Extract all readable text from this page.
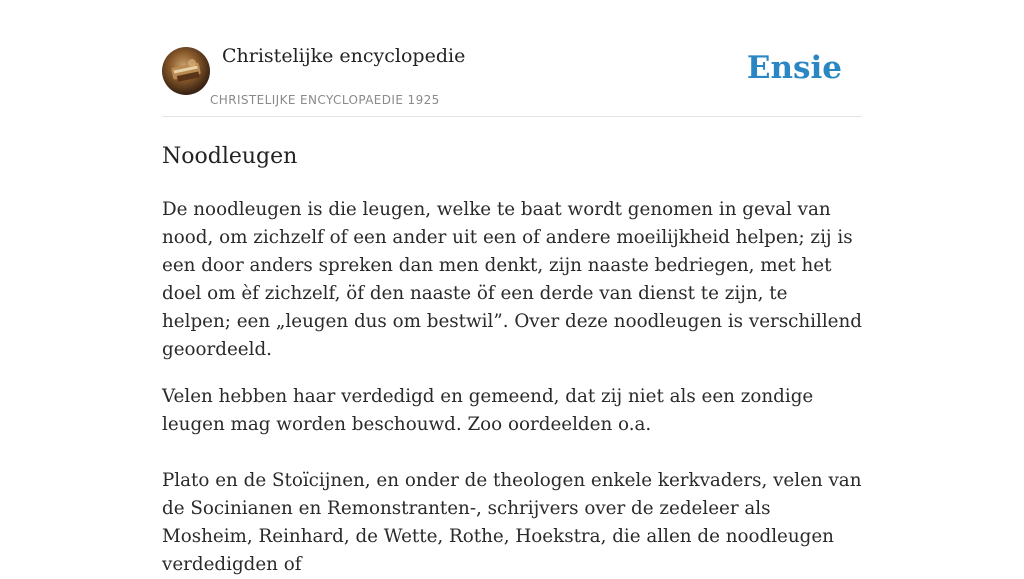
Christelijke encyclopedie
CHRISTELIJKE ENCYCLOPAEDIE 1925
Ensie
Noodleugen

De noodleugen is die leugen, welke te baat wordt genomen in geval van nood, om zichzelf of een ander uit een of andere moeilijkheid helpen; zij is een door anders spreken dan men denkt, zijn naaste bedriegen, met het doel om èf zichzelf, öf den naaste öf een derde van dienst te zijn, te helpen; een „leugen dus om bestwil”. Over deze noodleugen is verschillend geoordeeld.

Velen hebben haar verdedigd en gemeend, dat zij niet als een zondige leugen mag worden beschouwd. Zoo oordeelden o.a.

Plato en de Stoïcijnen, en onder de theologen enkele kerkvaders, velen van de Socinianen en Remonstranten-, schrijvers over de zedeleer als Mosheim, Reinhard, de Wette, Rothe, Hoekstra, die allen de noodleugen verdedigden of
